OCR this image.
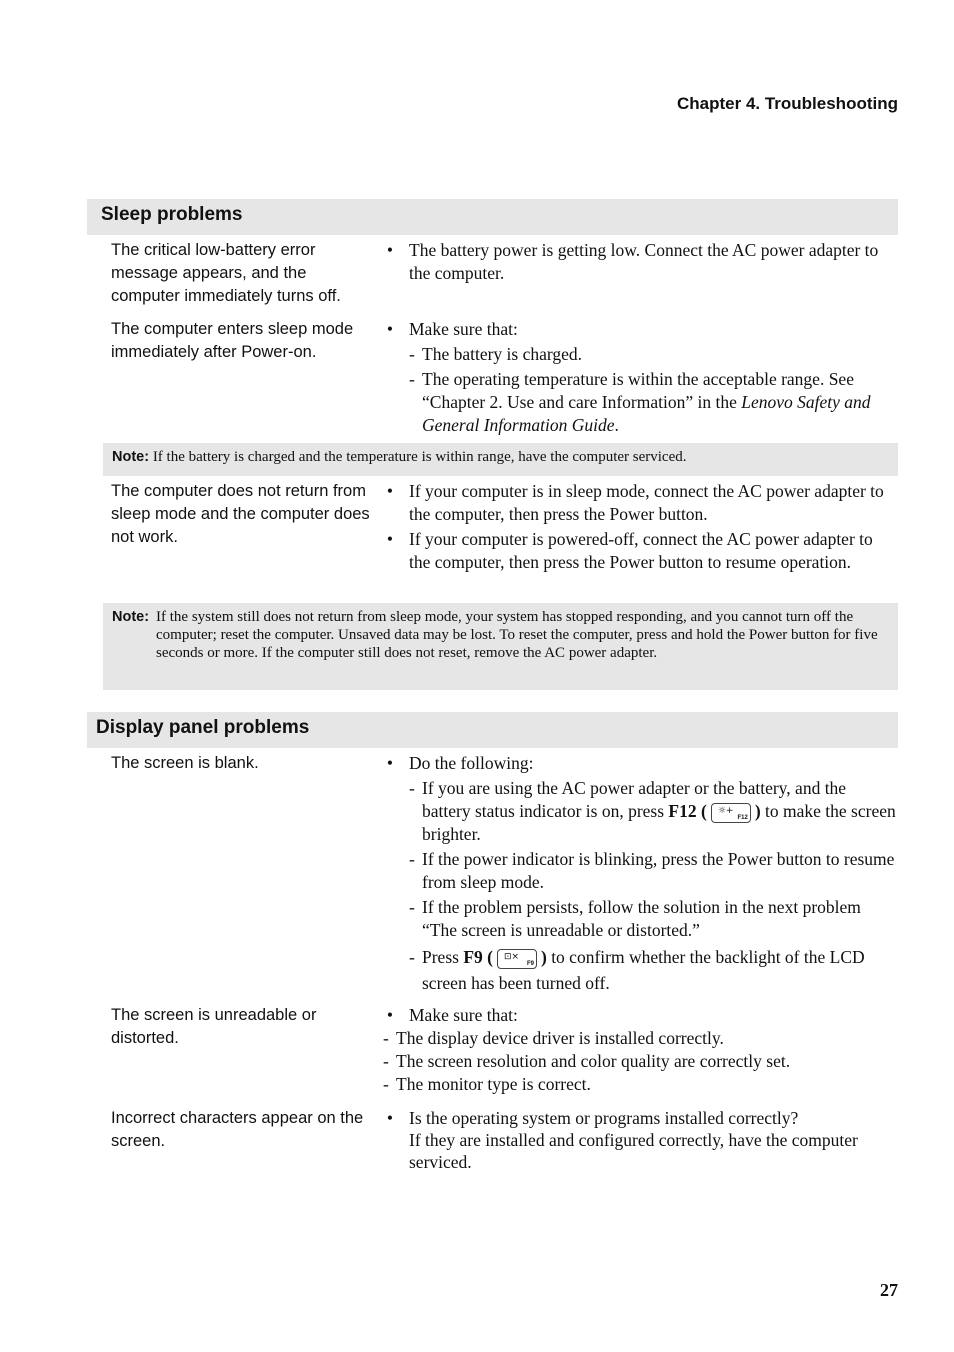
Chapter 4. Troubleshooting
Sleep problems
The critical low-battery error message appears, and the computer immediately turns off.
• The battery power is getting low. Connect the AC power adapter to the computer.
The computer enters sleep mode immediately after Power-on.
• Make sure that:
- The battery is charged.
- The operating temperature is within the acceptable range. See “Chapter 2. Use and care Information” in the Lenovo Safety and General Information Guide.
Note: If the battery is charged and the temperature is within range, have the computer serviced.
The computer does not return from sleep mode and the computer does not work.
• If your computer is in sleep mode, connect the AC power adapter to the computer, then press the Power button.
• If your computer is powered-off, connect the AC power adapter to the computer, then press the Power button to resume operation.
Note: If the system still does not return from sleep mode, your system has stopped responding, and you cannot turn off the computer; reset the computer. Unsaved data may be lost. To reset the computer, press and hold the Power button for five seconds or more. If the computer still does not reset, remove the AC power adapter.
Display panel problems
The screen is blank.	• Do the following:
- If you are using the AC power adapter or the battery, and the battery status indicator is on, press F12 ( ☼+
F12 ) to make the screen brighter.
- If the power indicator is blinking, press the Power button to resume from sleep mode.
- If the problem persists, follow the solution in the next problem “The screen is unreadable or distorted.”
- Press F9 ( ⊡×
F9 ) to confirm whether the backlight of the LCD screen has been turned off.
The screen is unreadable or distorted.
• Make sure that:
- The display device driver is installed correctly.
- The screen resolution and color quality are correctly set.
- The monitor type is correct.
Incorrect characters appear on the screen.
• Is the operating system or programs installed correctly?
If they are installed and configured correctly, have the computer serviced.
27
